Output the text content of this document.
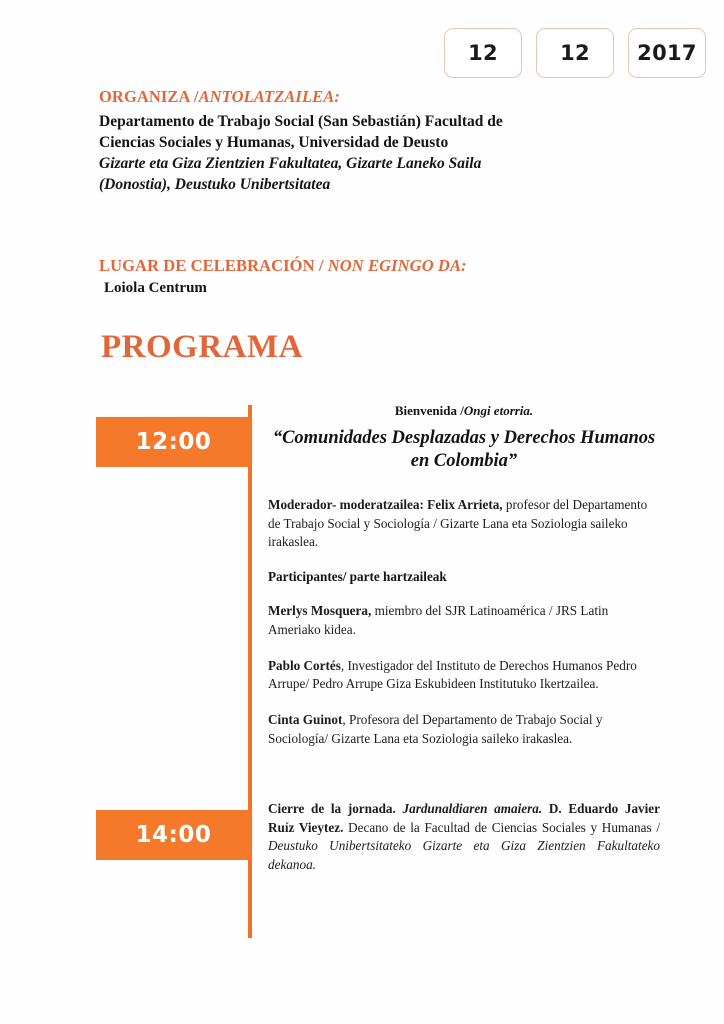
12	12	2017

ORGANIZA /ANTOLATZAILEA:

Departamento de Trabajo Social (San Sebastián) Facultad de

Ciencias Sociales y Humanas, Universidad de Deusto

Gizarte eta Giza Zientzien Fakultatea, Gizarte Laneko Saila

(Donostia), Deustuko Unibertsitatea

LUGAR DE CELEBRACIÓN / NON EGINGO DA:

Loiola Centrum

PROGRAMA
12:00
14:00

Bienvenida /Ongi etorria.

“Comunidades Desplazadas y Derechos Humanos en Colombia”

Moderador- moderatzailea: Felix Arrieta, profesor del Departamento de Trabajo Social y Sociología / Gizarte Lana eta Soziologia saileko irakaslea.

Participantes/ parte hartzaileak

Merlys Mosquera, miembro del SJR Latinoamérica / JRS Latin Ameriako kidea.

Pablo Cortés, Investigador del Instituto de Derechos Humanos Pedro Arrupe/ Pedro Arrupe Giza Eskubideen Institutuko Ikertzailea.

Cinta Guinot, Profesora del Departamento de Trabajo Social y Sociología/ Gizarte Lana eta Soziologia saileko irakaslea.

Cierre de la jornada. Jardunaldiaren amaiera. D. Eduardo Javier Ruíz Vieytez. Decano de la Facultad de Ciencias Sociales y Humanas / Deustuko Unibertsitateko Gizarte eta Giza Zientzien Fakultateko dekanoa.
